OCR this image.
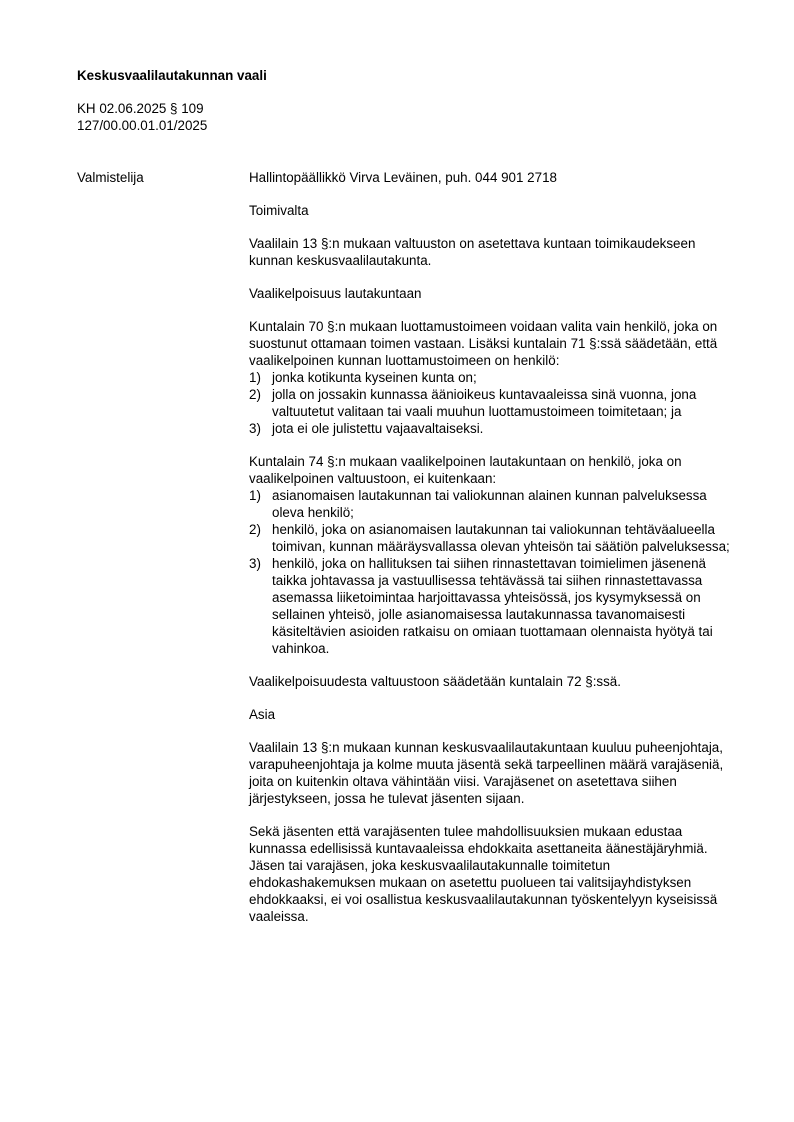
Keskusvaalilautakunnan vaali
KH 02.06.2025 § 109
127/00.00.01.01/2025
Valmistelija	Hallintopäällikkö Virva Leväinen, puh. 044 901 2718

Toimivalta

Vaalilain 13 §:n mukaan valtuuston on asetettava kuntaan toimikaudekseen kunnan keskusvaalilautakunta.

Vaalikelpoisuus lautakuntaan

Kuntalain 70 §:n mukaan luottamustoimeen voidaan valita vain henkilö, joka on suostunut ottamaan toimen vastaan. Lisäksi kuntalain 71 §:ssä säädetään, että vaalikelpoinen kunnan luottamustoimeen on henkilö:

1) jonka kotikunta kyseinen kunta on;
2) jolla on jossakin kunnassa äänioikeus kuntavaaleissa sinä vuonna, jona valtuutetut valitaan tai vaali muuhun luottamustoimeen toimitetaan; ja
3) jota ei ole julistettu vajaavaltaiseksi.

Kuntalain 74 §:n mukaan vaalikelpoinen lautakuntaan on henkilö, joka on vaalikelpoinen valtuustoon, ei kuitenkaan:

1) asianomaisen lautakunnan tai valiokunnan alainen kunnan palveluksessa oleva henkilö;
2) henkilö, joka on asianomaisen lautakunnan tai valiokunnan tehtäväalueella toimivan, kunnan määräysvallassa olevan yhteisön tai säätiön palveluksessa;
3) henkilö, joka on hallituksen tai siihen rinnastettavan toimielimen jäsenenä taikka johtavassa ja vastuullisessa tehtävässä tai siihen rinnastettavassa asemassa liiketoimintaa harjoittavassa yhteisössä, jos kysymyksessä on sellainen yhteisö, jolle asianomaisessa lautakunnassa tavanomaisesti käsiteltävien asioiden ratkaisu on omiaan tuottamaan olennaista hyötyä tai vahinkoa.

Vaalikelpoisuudesta valtuustoon säädetään kuntalain 72 §:ssä.

Asia

Vaalilain 13 §:n mukaan kunnan keskusvaalilautakuntaan kuuluu puheenjohtaja, varapuheenjohtaja ja kolme muuta jäsentä sekä tarpeellinen määrä varajäseniä, joita on kuitenkin oltava vähintään viisi. Varajäsenet on asetettava siihen järjestykseen, jossa he tulevat jäsenten sijaan.

Sekä jäsenten että varajäsenten tulee mahdollisuuksien mukaan edustaa kunnassa edellisissä kuntavaaleissa ehdokkaita asettaneita äänestäjäryhmiä. Jäsen tai varajäsen, joka keskusvaalilautakunnalle toimitetun ehdokashakemuksen mukaan on asetettu puolueen tai valitsijayhdistyksen ehdokkaaksi, ei voi osallistua keskusvaalilautakunnan työskentelyyn kyseisissä vaaleissa.
